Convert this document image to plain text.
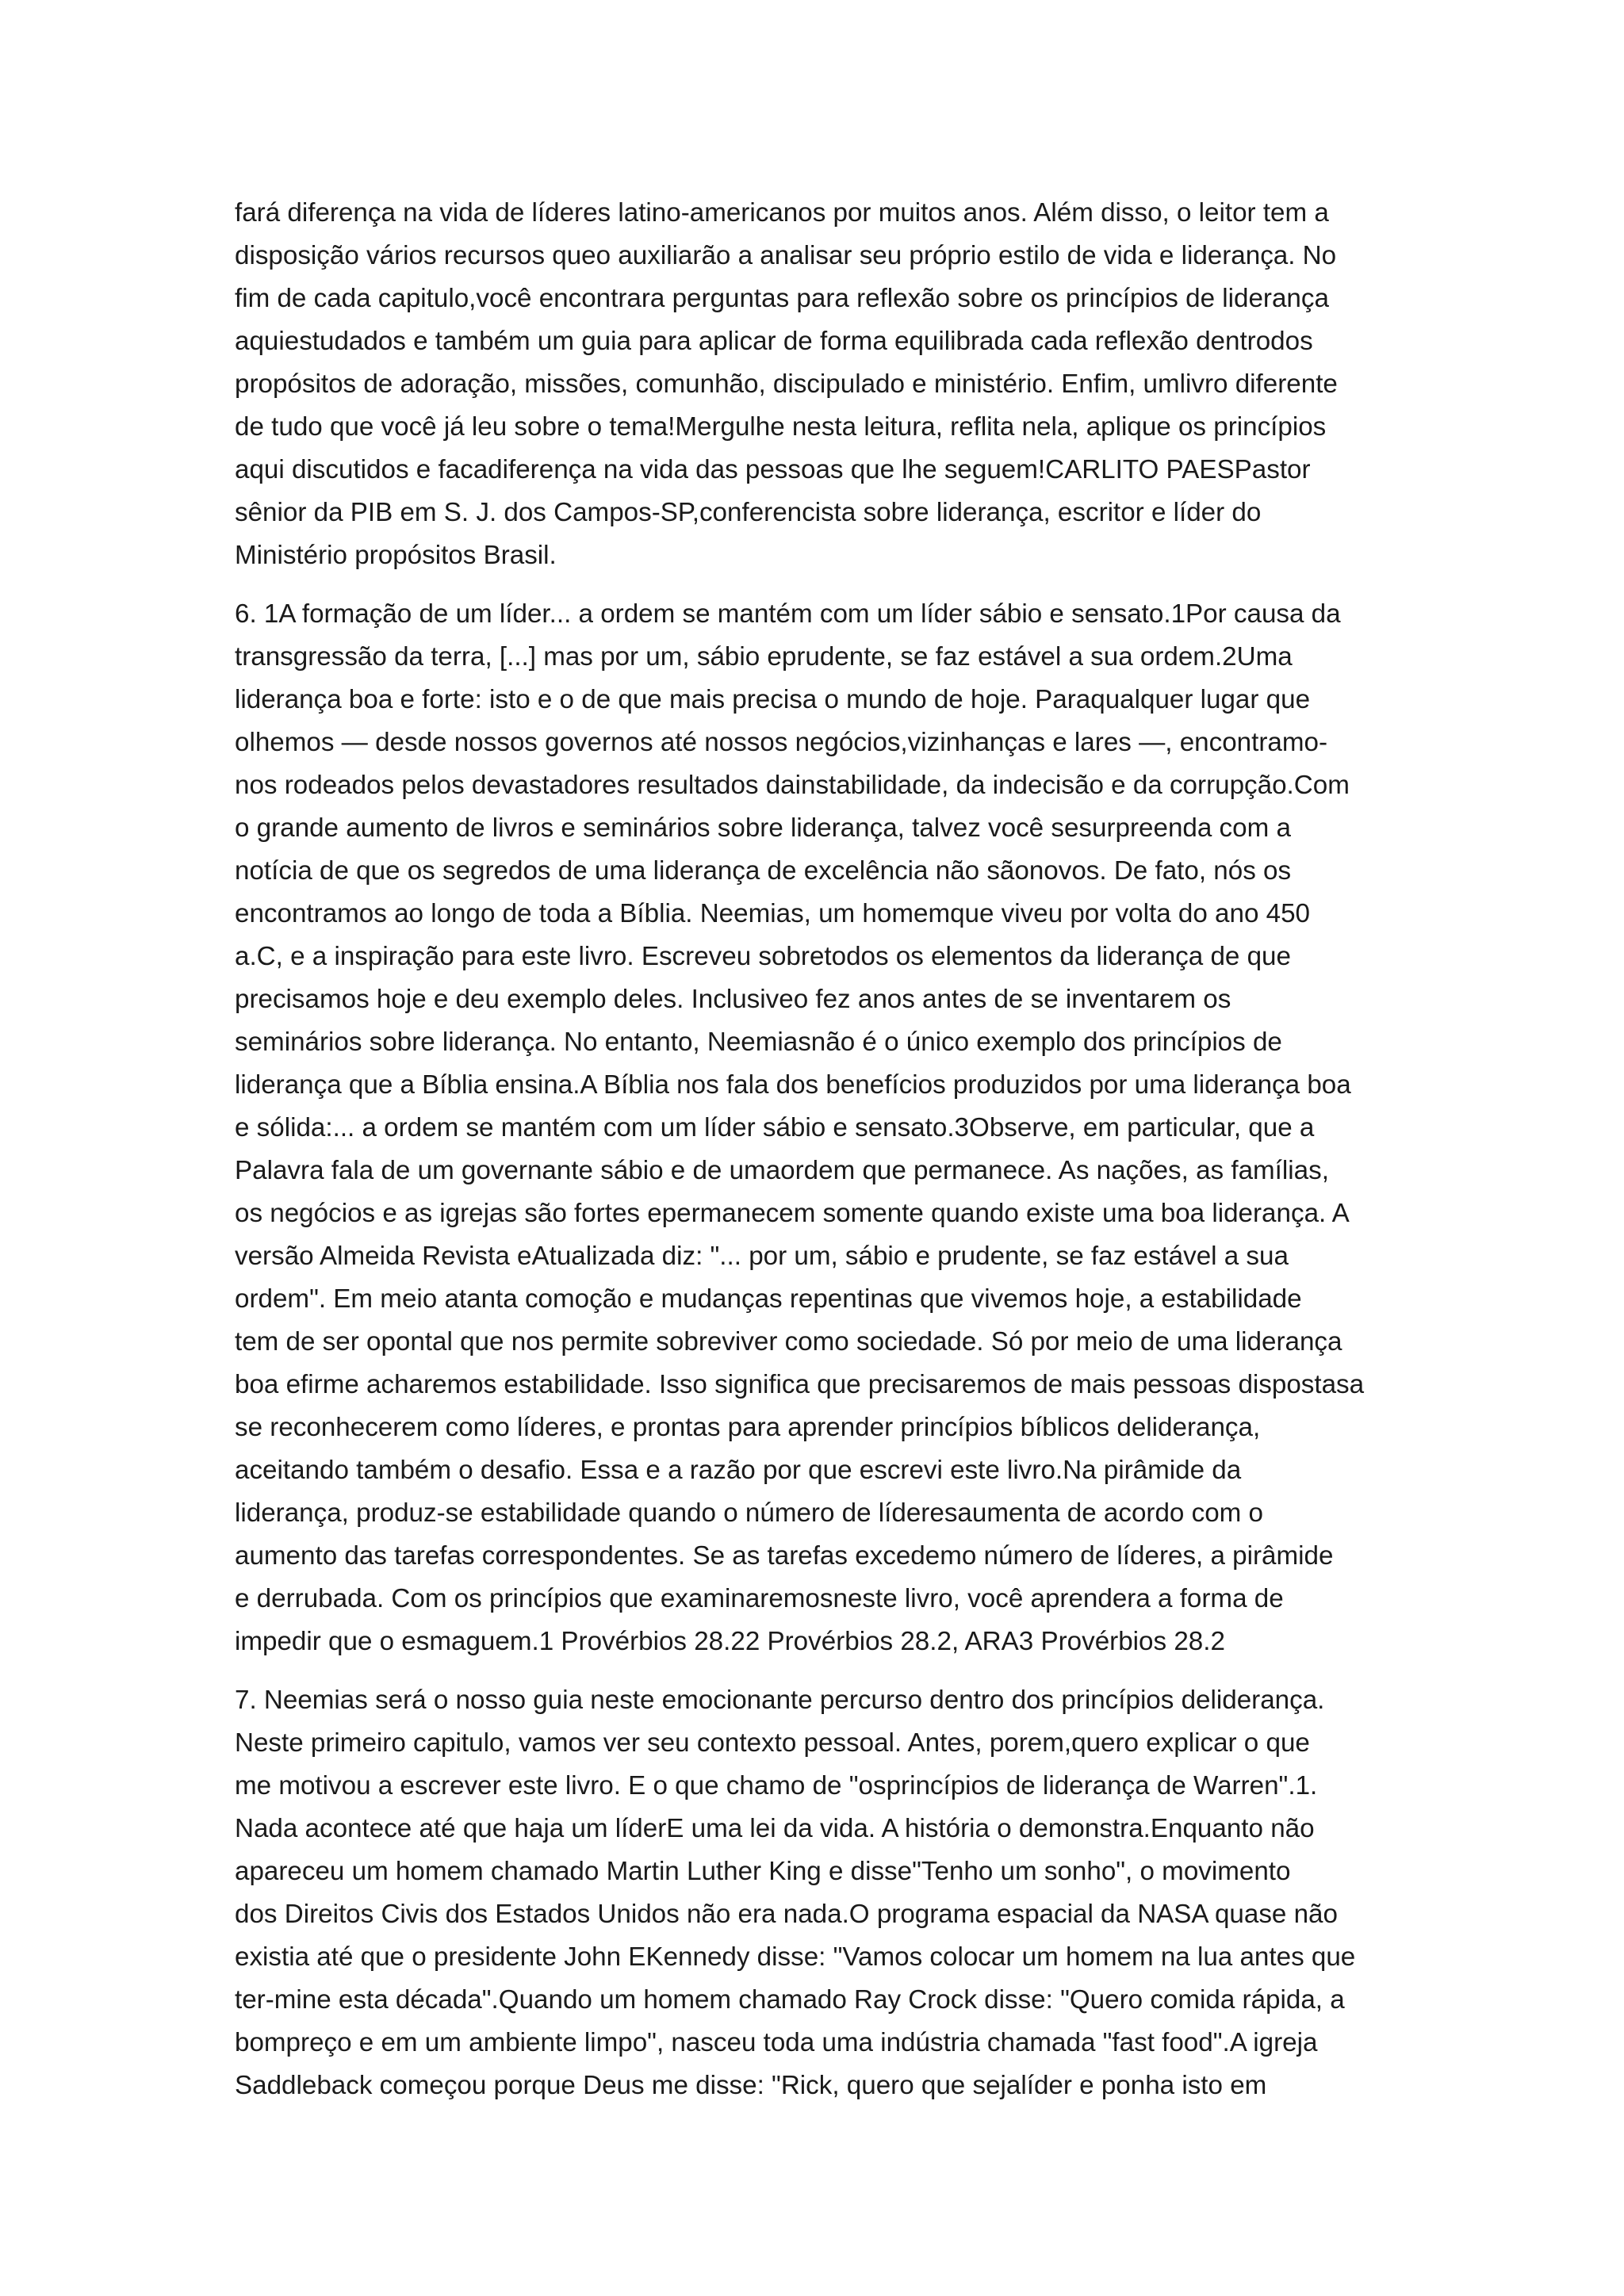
fará diferença na vida de líderes latino-americanos por muitos anos. Além disso, o leitor tem a
disposição vários recursos queo auxiliarão a analisar seu próprio estilo de vida e liderança. No
fim de cada capitulo,você encontrara perguntas para reflexão sobre os princípios de liderança
aquiestudados e também um guia para aplicar de forma equilibrada cada reflexão dentrodos
propósitos de adoração, missões, comunhão, discipulado e ministério. Enfim, umlivro diferente
de tudo que você já leu sobre o tema!Mergulhe nesta leitura, reflita nela, aplique os princípios
aqui discutidos e facadiferença na vida das pessoas que lhe seguem!CARLITO PAESPastor
sênior da PIB em S. J. dos Campos-SP,conferencista sobre liderança, escritor e líder do
Ministério propósitos Brasil.

6. 1A formação de um líder... a ordem se mantém com um líder sábio e sensato.1Por causa da
transgressão da terra, [...] mas por um, sábio eprudente, se faz estável a sua ordem.2Uma
liderança boa e forte: isto e o de que mais precisa o mundo de hoje. Paraqualquer lugar que
olhemos — desde nossos governos até nossos negócios,vizinhanças e lares —, encontramo-
nos rodeados pelos devastadores resultados dainstabilidade, da indecisão e da corrupção.Com
o grande aumento de livros e seminários sobre liderança, talvez você sesurpreenda com a
notícia de que os segredos de uma liderança de excelência não sãonovos. De fato, nós os
encontramos ao longo de toda a Bíblia. Neemias, um homemque viveu por volta do ano 450
a.C, e a inspiração para este livro. Escreveu sobretodos os elementos da liderança de que
precisamos hoje e deu exemplo deles. Inclusiveo fez anos antes de se inventarem os
seminários sobre liderança. No entanto, Neemiasnão é o único exemplo dos princípios de
liderança que a Bíblia ensina.A Bíblia nos fala dos benefícios produzidos por uma liderança boa
e sólida:... a ordem se mantém com um líder sábio e sensato.3Observe, em particular, que a
Palavra fala de um governante sábio e de umaordem que permanece. As nações, as famílias,
os negócios e as igrejas são fortes epermanecem somente quando existe uma boa liderança. A
versão Almeida Revista eAtualizada diz: "... por um, sábio e prudente, se faz estável a sua
ordem". Em meio atanta comoção e mudanças repentinas que vivemos hoje, a estabilidade
tem de ser opontal que nos permite sobreviver como sociedade. Só por meio de uma liderança
boa efirme acharemos estabilidade. Isso significa que precisaremos de mais pessoas dispostasa
se reconhecerem como líderes, e prontas para aprender princípios bíblicos deliderança,
aceitando também o desafio. Essa e a razão por que escrevi este livro.Na pirâmide da
liderança, produz-se estabilidade quando o número de líderesaumenta de acordo com o
aumento das tarefas correspondentes. Se as tarefas excedemo número de líderes, a pirâmide
e derrubada. Com os princípios que examinaremosneste livro, você aprendera a forma de
impedir que o esmaguem.1 Provérbios 28.22 Provérbios 28.2, ARA3 Provérbios 28.2

7. Neemias será o nosso guia neste emocionante percurso dentro dos princípios deliderança.
Neste primeiro capitulo, vamos ver seu contexto pessoal. Antes, porem,quero explicar o que
me motivou a escrever este livro. E o que chamo de "osprincípios de liderança de Warren".1.
Nada acontece até que haja um líderE uma lei da vida. A história o demonstra.Enquanto não
apareceu um homem chamado Martin Luther King e disse"Tenho um sonho", o movimento
dos Direitos Civis dos Estados Unidos não era nada.O programa espacial da NASA quase não
existia até que o presidente John EKennedy disse: "Vamos colocar um homem na lua antes que
ter-mine esta década".Quando um homem chamado Ray Crock disse: "Quero comida rápida, a
bompreço e em um ambiente limpo", nasceu toda uma indústria chamada "fast food".A igreja
Saddleback começou porque Deus me disse: "Rick, quero que sejalíder e ponha isto em
